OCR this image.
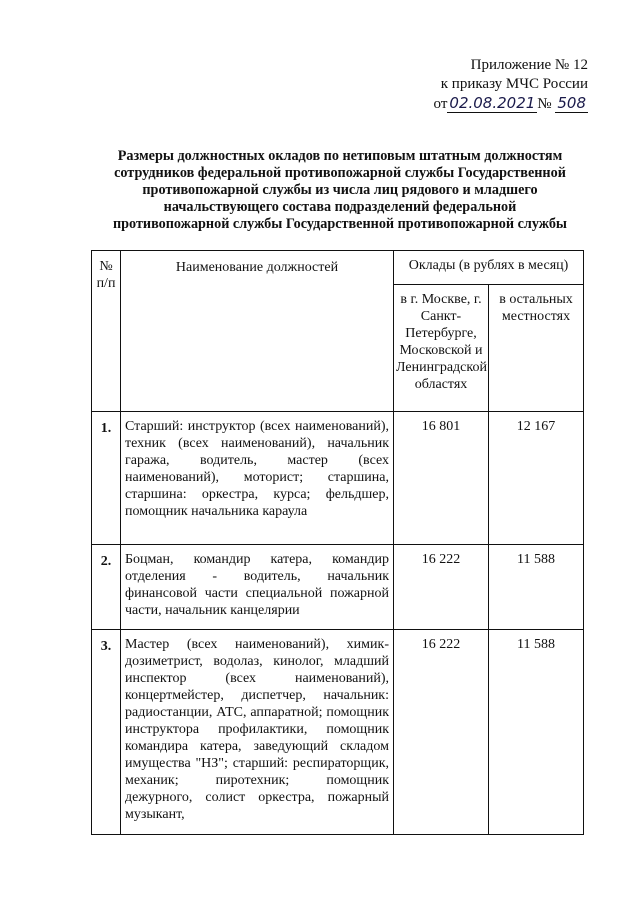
Приложение № 12
к приказу МЧС России
от 02.08.2021 № 508
Размеры должностных окладов по нетиповым штатным должностям
сотрудников федеральной противопожарной службы Государственной
противопожарной службы из числа лиц рядового и младшего
начальствующего состава подразделений федеральной
противопожарной службы Государственной противопожарной службы
№ п/п	Наименование должностей	Оклады (в рублях в месяц)	
		в г. Москве, г. Санкт-Петербурге, Московской и Ленинградской областях	в остальных местностях
1.	Старший: инструктор (всех наименований), техник (всех наименований), начальник гаража, водитель, мастер (всех наименований), моторист; старшина, старшина: оркестра, курса; фельдшер, помощник начальника караула	16 801	12 167
2.	Боцман, командир катера, командир отделения - водитель, начальник финансовой части специальной пожарной части, начальник канцелярии	16 222	11 588
3.	Мастер (всех наименований), химик-дозиметрист, водолаз, кинолог, младший инспектор (всех наименований), концертмейстер, диспетчер, начальник: радиостанции, АТС, аппаратной; помощник инструктора профилактики, помощник командира катера, заведующий складом имущества "НЗ"; старший: респираторщик, механик; пиротехник; помощник дежурного, солист оркестра, пожарный музыкант,	16 222	11 588
